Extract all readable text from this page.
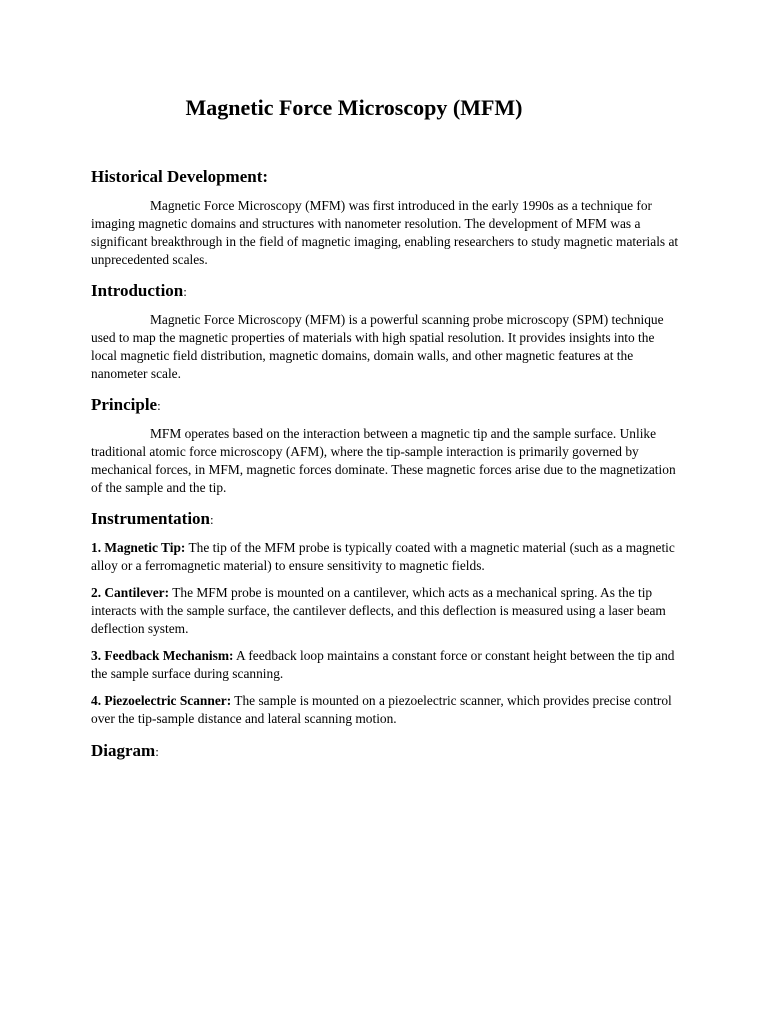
Magnetic Force Microscopy (MFM)
Historical Development:

Magnetic Force Microscopy (MFM) was first introduced in the early 1990s as a technique for imaging magnetic domains and structures with nanometer resolution. The development of MFM was a significant breakthrough in the field of magnetic imaging, enabling researchers to study magnetic materials at unprecedented scales.

Introduction:

Magnetic Force Microscopy (MFM) is a powerful scanning probe microscopy (SPM) technique used to map the magnetic properties of materials with high spatial resolution. It provides insights into the local magnetic field distribution, magnetic domains, domain walls, and other magnetic features at the nanometer scale.

Principle:

MFM operates based on the interaction between a magnetic tip and the sample surface. Unlike traditional atomic force microscopy (AFM), where the tip-sample interaction is primarily governed by mechanical forces, in MFM, magnetic forces dominate. These magnetic forces arise due to the magnetization of the sample and the tip.

Instrumentation:

1. Magnetic Tip: The tip of the MFM probe is typically coated with a magnetic material (such as a magnetic alloy or a ferromagnetic material) to ensure sensitivity to magnetic fields.

2. Cantilever: The MFM probe is mounted on a cantilever, which acts as a mechanical spring. As the tip interacts with the sample surface, the cantilever deflects, and this deflection is measured using a laser beam deflection system.

3. Feedback Mechanism: A feedback loop maintains a constant force or constant height between the tip and the sample surface during scanning.

4. Piezoelectric Scanner: The sample is mounted on a piezoelectric scanner, which provides precise control over the tip-sample distance and lateral scanning motion.

Diagram:
